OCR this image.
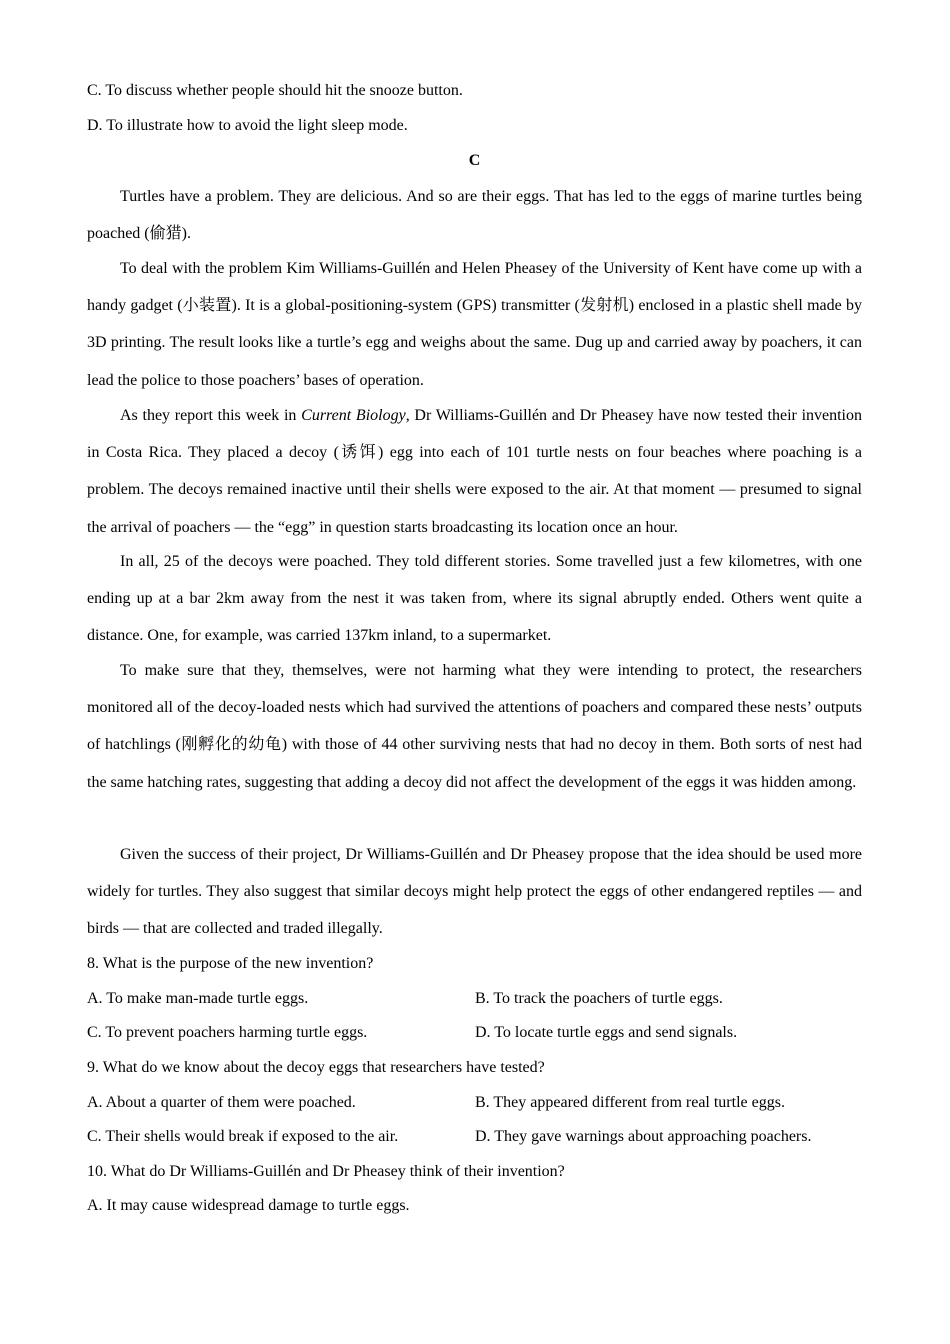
C. To discuss whether people should hit the snooze button.

D. To illustrate how to avoid the light sleep mode.

C

Turtles have a problem. They are delicious. And so are their eggs. That has led to the eggs of marine turtles being poached (偷猎).

To deal with the problem Kim Williams-Guillén and Helen Pheasey of the University of Kent have come up with a handy gadget (小装置). It is a global-positioning-system (GPS) transmitter (发射机) enclosed in a plastic shell made by 3D printing. The result looks like a turtle’s egg and weighs about the same. Dug up and carried away by poachers, it can lead the police to those poachers’ bases of operation.

As they report this week in Current Biology, Dr Williams-Guillén and Dr Pheasey have now tested their invention in Costa Rica. They placed a decoy (诱饵) egg into each of 101 turtle nests on four beaches where poaching is a problem. The decoys remained inactive until their shells were exposed to the air. At that moment — presumed to signal the arrival of poachers — the “egg” in question starts broadcasting its location once an hour.

In all, 25 of the decoys were poached. They told different stories. Some travelled just a few kilometres, with one ending up at a bar 2km away from the nest it was taken from, where its signal abruptly ended. Others went quite a distance. One, for example, was carried 137km inland, to a supermarket.

To make sure that they, themselves, were not harming what they were intending to protect, the researchers monitored all of the decoy-loaded nests which had survived the attentions of poachers and compared these nests’ outputs of hatchlings (刚孵化的幼龟) with those of 44 other surviving nests that had no decoy in them. Both sorts of nest had the same hatching rates, suggesting that adding a decoy did not affect the development of the eggs it was hidden among.

Given the success of their project, Dr Williams-Guillén and Dr Pheasey propose that the idea should be used more widely for turtles. They also suggest that similar decoys might help protect the eggs of other endangered reptiles — and birds — that are collected and traded illegally.

8. What is the purpose of the new invention?

A. To make man-made turtle eggs.	B. To track the poachers of turtle eggs.
C. To prevent poachers harming turtle eggs.	D. To locate turtle eggs and send signals.

9. What do we know about the decoy eggs that researchers have tested?

A. About a quarter of them were poached.	B. They appeared different from real turtle eggs.
C. Their shells would break if exposed to the air.	D. They gave warnings about approaching poachers.

10. What do Dr Williams-Guillén and Dr Pheasey think of their invention?

A. It may cause widespread damage to turtle eggs.
